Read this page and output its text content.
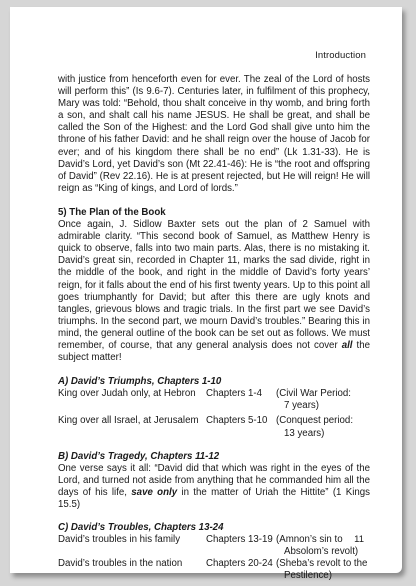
Introduction

with justice from henceforth even for ever. The zeal of the Lord of hosts will perform this” (Is 9.6-7). Centuries later, in fulfilment of this prophecy, Mary was told: “Behold, thou shalt conceive in thy womb, and bring forth a son, and shalt call his name JESUS. He shall be great, and shall be called the Son of the Highest: and the Lord God shall give unto him the throne of his father David: and he shall reign over the house of Jacob for ever; and of his kingdom there shall be no end” (Lk 1.31-33). He is David’s Lord, yet David’s son (Mt 22.41-46): He is “the root and offspring of David” (Rev 22.16). He is at present rejected, but He will reign! He will reign as “King of kings, and Lord of lords.”

5) The Plan of the Book

Once again, J. Sidlow Baxter sets out the plan of 2 Samuel with admirable clarity. “This second book of Samuel, as Matthew Henry is quick to observe, falls into two main parts. Alas, there is no mistaking it. David’s great sin, recorded in Chapter 11, marks the sad divide, right in the middle of the book, and right in the middle of David’s forty years’ reign, for it falls about the end of his first twenty years. Up to this point all goes triumphantly for David; but after this there are ugly knots and tangles, grievous blows and tragic trials. In the first part we see David’s triumphs. In the second part, we mourn David’s troubles.” Bearing this in mind, the general outline of the book can be set out as follows. We must remember, of course, that any general analysis does not cover all the subject matter!

A) David’s Triumphs, Chapters 1-10

King over Judah only, at Hebron	Chapters 1-4	(Civil War Period:
7 years)
King over all Israel, at Jerusalem Chapters 5-10 (Conquest period:
13 years)

B) David’s Tragedy, Chapters 11-12

One verse says it all: “David did that which was right in the eyes of the Lord, and turned not aside from anything that he commanded him all the days of his life, save only in the matter of Uriah the Hittite” (1 Kings 15.5)

C) David’s Troubles, Chapters 13-24

David’s troubles in his family	Chapters 13-19 (Amnon’s sin to
Absolom’s revolt)
David’s troubles in the nation	Chapters 20-24 (Sheba’s revolt to the
Pestilence)
11
